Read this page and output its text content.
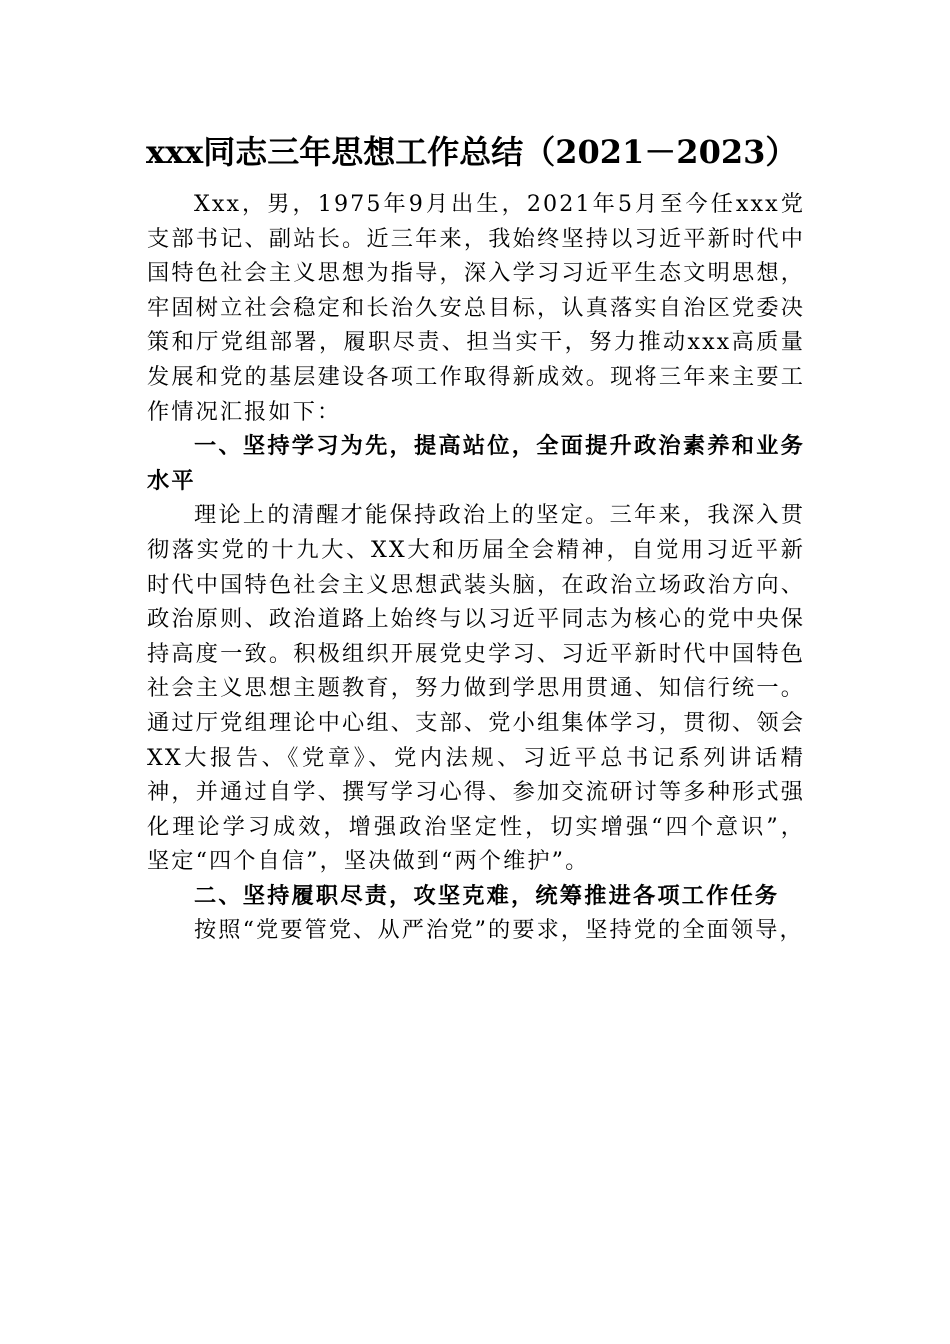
xxx同志三年思想工作总结（2021－2023）

Xxx，男，1975年9月出生，2021年5月至今任xxx党支部书记、副站长。近三年来，我始终坚持以习近平新时代中国特色社会主义思想为指导，深入学习习近平生态文明思想，牢固树立社会稳定和长治久安总目标，认真落实自治区党委决策和厅党组部署，履职尽责、担当实干，努力推动xxx高质量发展和党的基层建设各项工作取得新成效。现将三年来主要工作情况汇报如下：

一、坚持学习为先，提高站位，全面提升政治素养和业务水平

理论上的清醒才能保持政治上的坚定。三年来，我深入贯彻落实党的十九大、XX大和历届全会精神，自觉用习近平新时代中国特色社会主义思想武装头脑，在政治立场政治方向、政治原则、政治道路上始终与以习近平同志为核心的党中央保持高度一致。积极组织开展党史学习、习近平新时代中国特色社会主义思想主题教育，努力做到学思用贯通、知信行统一。通过厅党组理论中心组、支部、党小组集体学习，贯彻、领会XX大报告、《党章》、党内法规、习近平总书记系列讲话精神，并通过自学、撰写学习心得、参加交流研讨等多种形式强化理论学习成效，增强政治坚定性，切实增强“四个意识”，坚定“四个自信”，坚决做到“两个维护”。

二、坚持履职尽责，攻坚克难，统筹推进各项工作任务

按照“党要管党、从严治党”的要求，坚持党的全面领导，
